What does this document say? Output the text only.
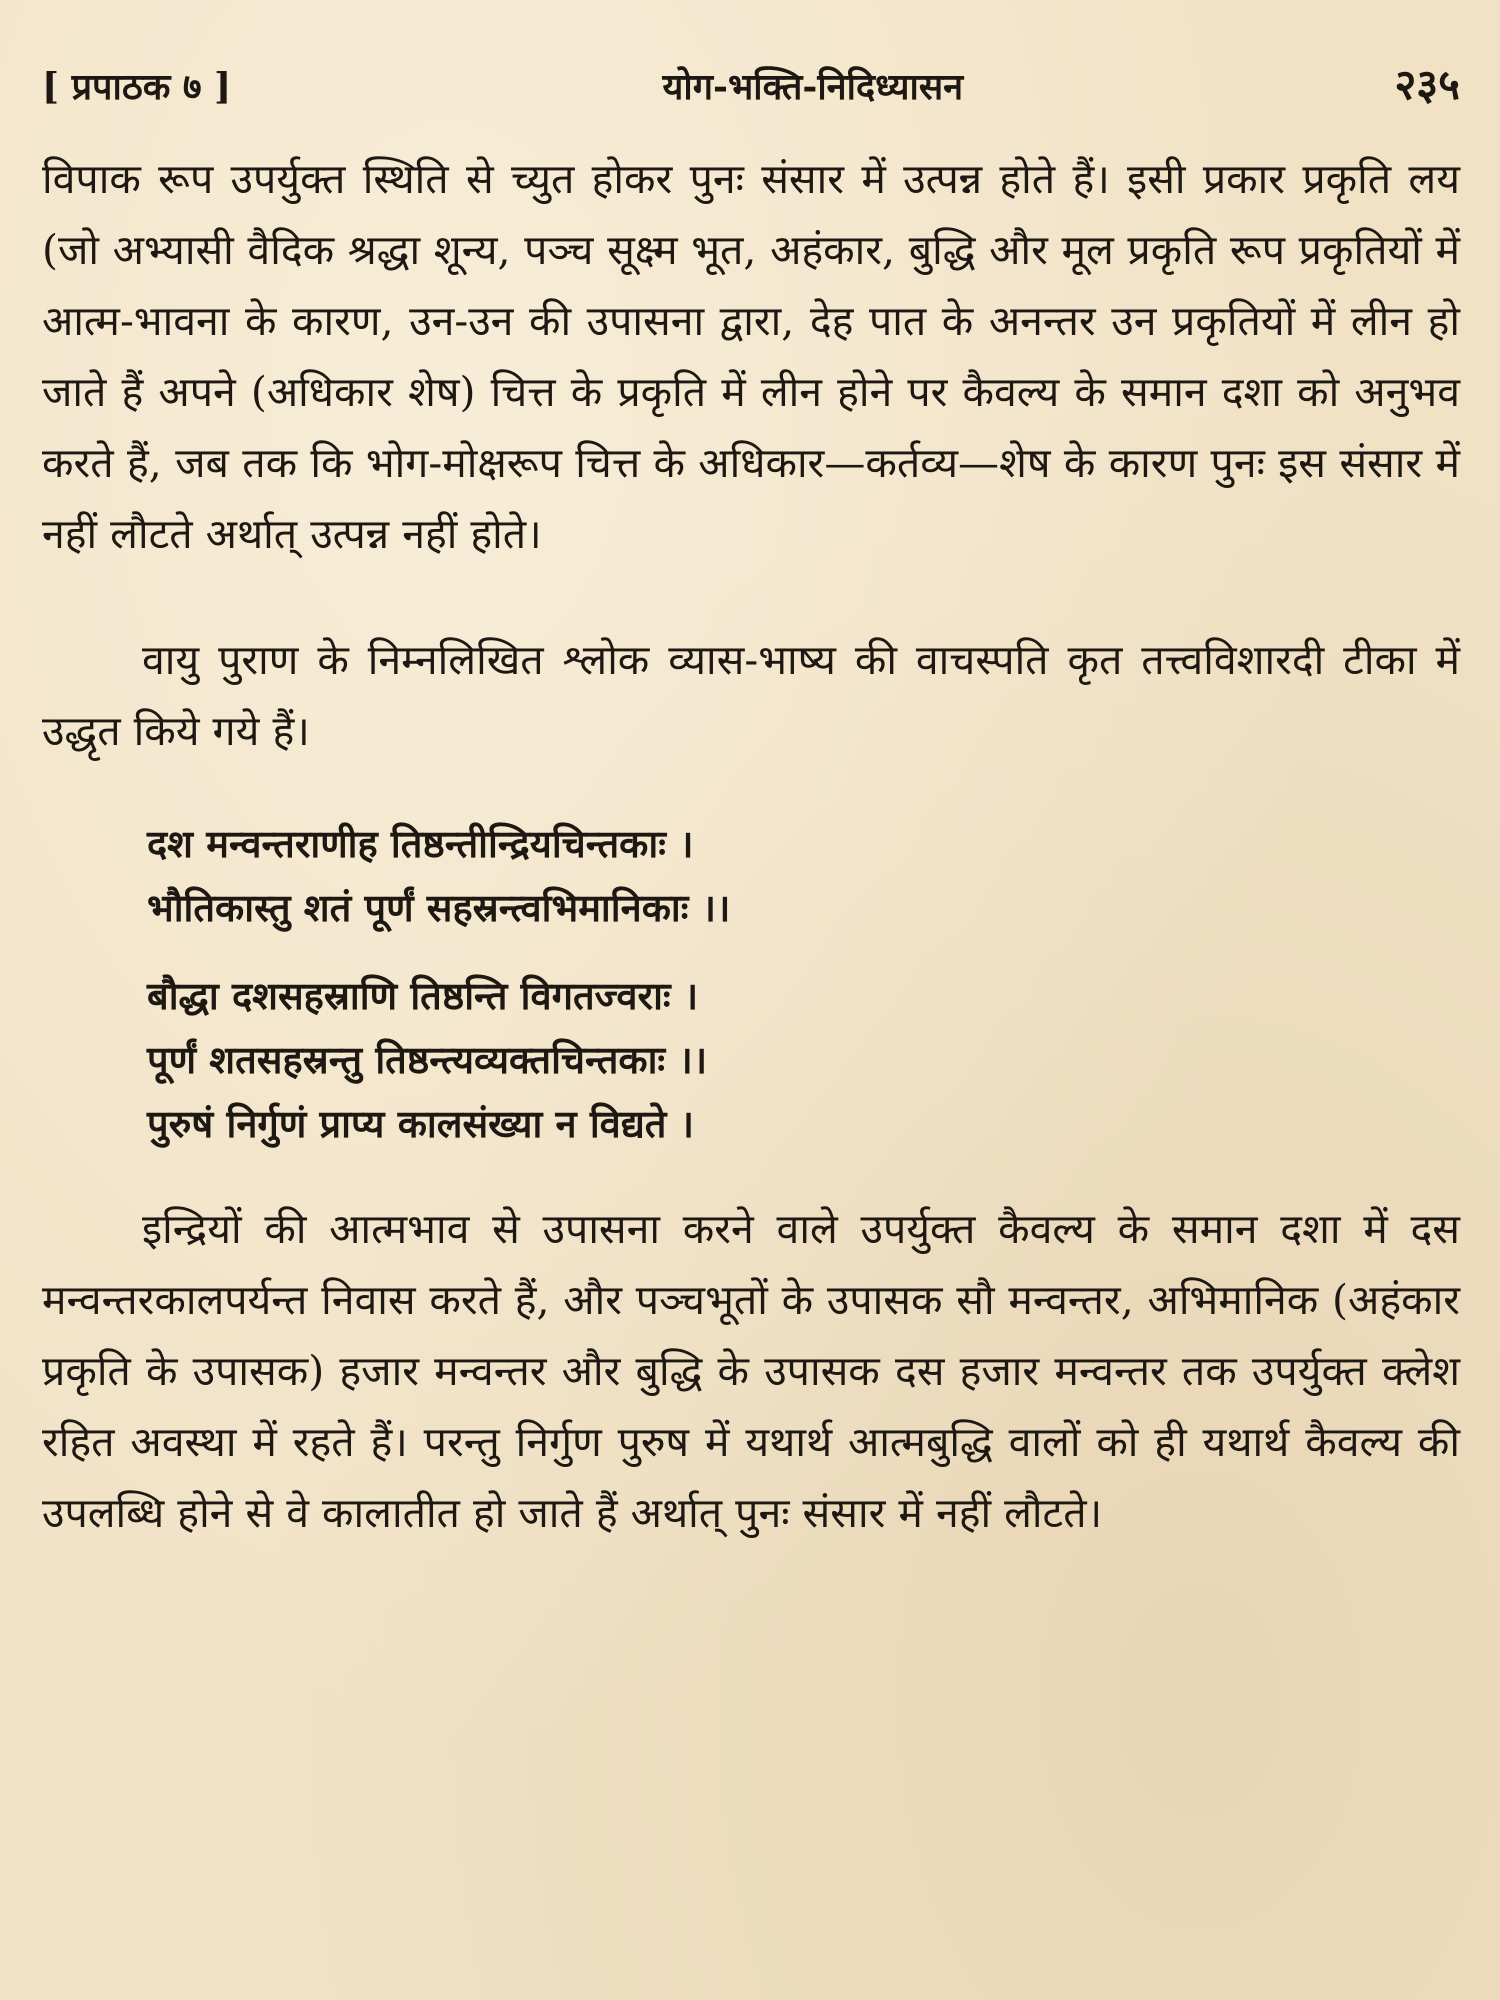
[ प्रपाठक ७ ]	योग-भक्ति-निदिध्यासन	२३५

विपाक रूप उपर्युक्त स्थिति से च्युत होकर पुनः संसार में उत्पन्न होते हैं। इसी प्रकार प्रकृति लय (जो अभ्यासी वैदिक श्रद्धा शून्य, पञ्च सूक्ष्म भूत, अहंकार, बुद्धि और मूल प्रकृति रूप प्रकृतियों में आत्म-भावना के कारण, उन-उन की उपासना द्वारा, देह पात के अनन्तर उन प्रकृतियों में लीन हो जाते हैं अपने (अधिकार शेष) चित्त के प्रकृति में लीन होने पर कैवल्य के समान दशा को अनुभव करते हैं, जब तक कि भोग-मोक्षरूप चित्त के अधिकार—कर्तव्य—शेष के कारण पुनः इस संसार में नहीं लौटते अर्थात् उत्पन्न नहीं होते।

वायु पुराण के निम्नलिखित श्लोक व्यास-भाष्य की वाचस्पति कृत तत्त्वविशारदी टीका में उद्धृत किये गये हैं।

दश मन्वन्तराणीह तिष्ठन्तीन्द्रियचिन्तकाः ।
भौतिकास्तु शतं पूर्णं सहस्रन्त्वभिमानिकाः ।।
बौद्धा दशसहस्राणि तिष्ठन्ति विगतज्वराः ।
पूर्णं शतसहस्रन्तु तिष्ठन्त्यव्यक्तचिन्तकाः ।।
पुरुषं निर्गुणं प्राप्य कालसंख्या न विद्यते ।

इन्द्रियों की आत्मभाव से उपासना करने वाले उपर्युक्त कैवल्य के समान दशा में दस मन्वन्तरकालपर्यन्त निवास करते हैं, और पञ्चभूतों के उपासक सौ मन्वन्तर, अभिमानिक (अहंकार प्रकृति के उपासक) हजार मन्वन्तर और बुद्धि के उपासक दस हजार मन्वन्तर तक उपर्युक्त क्लेश रहित अवस्था में रहते हैं। परन्तु निर्गुण पुरुष में यथार्थ आत्मबुद्धि वालों को ही यथार्थ कैवल्य की उपलब्धि होने से वे कालातीत हो जाते हैं अर्थात् पुनः संसार में नहीं लौटते।
